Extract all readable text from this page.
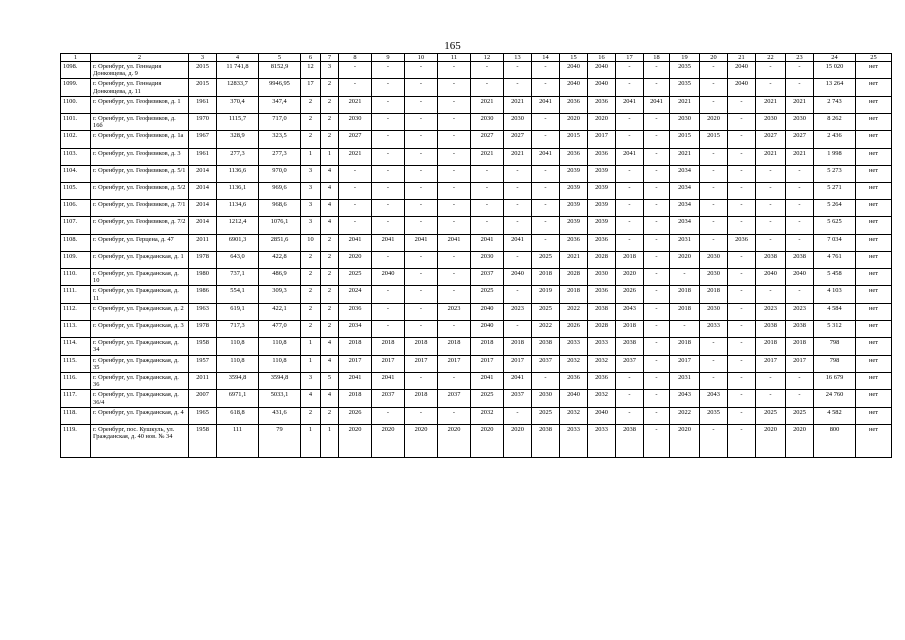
165
1	2	3	4	5	6	7	8	9	10	11	12	13	14	15	16	17	18	19	20	21	22	23	24	25
1098.	г. Оренбург, ул. Геннадия Донковцева, д. 9	2015	11 741,8	8152,9	12	3	-	-	-	-	-	-	-	2040	2040	-	-	2035	-	2040	-	-	15 020	нет
1099.	г. Оренбург, ул. Геннадия Донковцева, д. 11	2015	12833,7	9946,95	17	2	-	-	-	-	-	-	-	2040	2040	-	-	2035	-	2040	-	-	13 264	нет
1100.	г. Оренбург, ул. Геофизиков, д. 1	1961	370,4	347,4	2	2	2021	-	-	-	2021	2021	2041	2036	2036	2041	2041	2021	-	-	2021	2021	2 743	нет
1101.	г. Оренбург, ул. Геофизиков, д. 16б	1970	1115,7	717,0	2	2	2030	-	-	-	2030	2030	-	2020	2020	-	-	2030	2020	-	2030	2030	8 262	нет
1102.	г. Оренбург, ул. Геофизиков, д. 1а	1967	328,9	323,5	2	2	2027	-	-	-	2027	2027	-	2015	2017	-	-	2015	2015	-	2027	2027	2 436	нет
1103.	г. Оренбург, ул. Геофизиков, д. 3	1961	277,3	277,3	1	1	2021	-	-	-	2021	2021	2041	2036	2036	2041	-	2021	-	-	2021	2021	1 998	нет
1104.	г. Оренбург, ул. Геофизиков, д. 5/1	2014	1136,6	970,0	3	4	-	-	-	-	-	-	-	2039	2039	-	-	2034	-	-	-	-	5 273	нет
1105.	г. Оренбург, ул. Геофизиков, д. 5/2	2014	1136,1	969,6	3	4	-	-	-	-	-	-	-	2039	2039	-	-	2034	-	-	-	-	5 271	нет
1106.	г. Оренбург, ул. Геофизиков, д. 7/1	2014	1134,6	968,6	3	4	-	-	-	-	-	-	-	2039	2039	-	-	2034	-	-	-	-	5 264	нет
1107.	г. Оренбург, ул. Геофизиков, д. 7/2	2014	1212,4	1076,1	3	4	-	-	-	-	-	-	-	2039	2039	-	-	2034	-	-	-	-	5 625	нет
1108.	г. Оренбург, ул. Герцена, д. 47	2011	6901,3	2851,6	10	2	2041	2041	2041	2041	2041	2041	-	2036	2036	-	-	2031	-	2036	-	-	7 034	нет
1109.	г. Оренбург, ул. Гражданская, д. 1	1978	643,0	422,8	2	2	2020	-	-	-	2030	-	2025	2021	2028	2018	-	2020	2030	-	2038	2038	4 761	нет
1110.	г. Оренбург, ул. Гражданская, д. 10	1980	737,1	486,9	2	2	2025	2040	-	-	2037	2040	2018	2028	2030	2020	-	-	2030	-	2040	2040	5 458	нет
1111.	г. Оренбург, ул. Гражданская, д. 11	1986	554,1	309,3	2	2	2024	-	-	-	2025	-	2019	2018	2036	2026	-	2018	2018	-	-	-	4 103	нет
1112.	г. Оренбург, ул. Гражданская, д. 2	1963	619,1	422,1	2	2	2036	-	-	2023	2040	2023	2025	2022	2038	2043	-	2018	2030	-	2023	2023	4 584	нет
1113.	г. Оренбург, ул. Гражданская, д. 3	1978	717,3	477,0	2	2	2034	-	-	-	2040	-	2022	2026	2028	2018	-	-	2033	-	2038	2038	5 312	нет
1114.	г. Оренбург, ул. Гражданская, д. 34	1958	110,8	110,8	1	4	2018	2018	2018	2018	2018	2018	2038	2033	2033	2038	-	2018	-	-	2018	2018	798	нет
1115.	г. Оренбург, ул. Гражданская, д. 35	1957	110,8	110,8	1	4	2017	2017	2017	2017	2017	2017	2037	2032	2032	2037	-	2017	-	-	2017	2017	798	нет
1116.	г. Оренбург, ул. Гражданская, д. 36	2011	3594,8	3594,8	3	5	2041	2041	-	-	2041	2041	-	2036	2036	-	-	2031	-	-	-	-	16 679	нет
1117.	г. Оренбург, ул. Гражданская, д. 36/4	2007	6971,1	5033,1	4	4	2018	2037	2018	2037	2025	2037	2030	2040	2032	-	-	2043	2043	-	-	-	24 760	нет
1118.	г. Оренбург, ул. Гражданская, д. 4	1965	618,8	431,6	2	2	2026	-	-	-	2032	-	2025	2032	2040	-	-	2022	2035	-	2025	2025	4 582	нет
1119.	г. Оренбург, пос. Кушкуль, ул. Гражданская, д. 40 нов. № 34	1958	111	79	1	1	2020	2020	2020	2020	2020	2020	2038	2033	2033	2038	-	2020	-	-	2020	2020	800	нет
